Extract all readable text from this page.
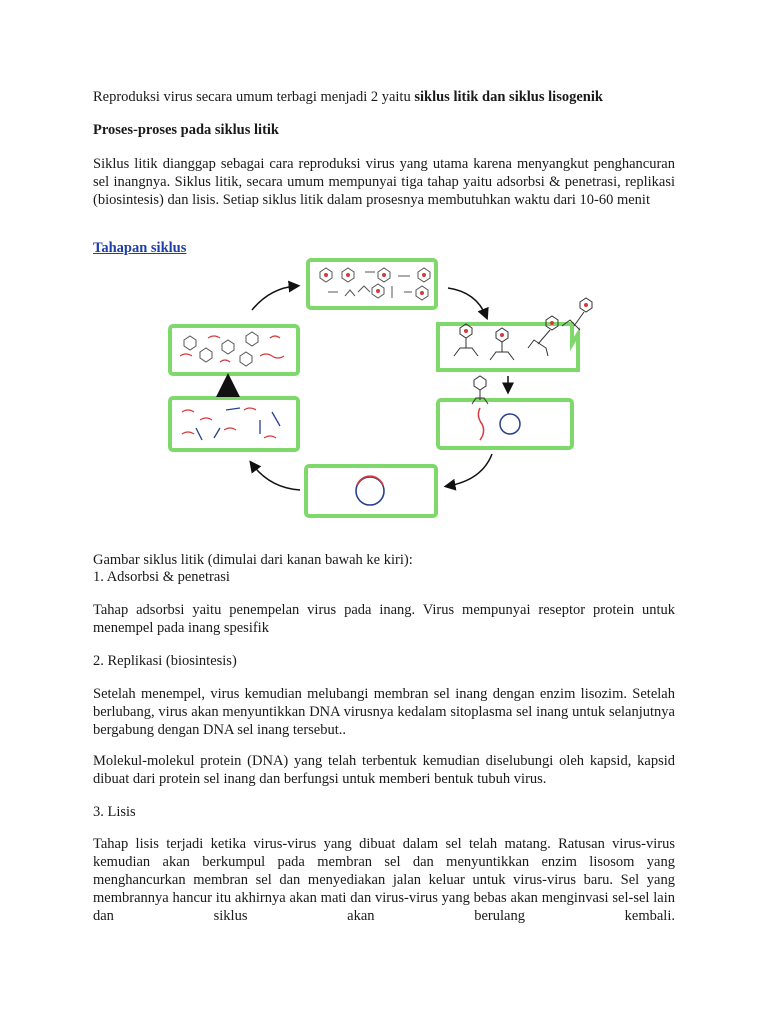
Reproduksi virus secara umum terbagi menjadi 2 yaitu siklus litik dan siklus lisogenik

Proses-proses pada siklus litik

Siklus litik dianggap sebagai cara reproduksi virus yang utama karena menyangkut penghancuran sel inangnya. Siklus litik, secara umum mempunyai tiga tahap yaitu adsorbsi & penetrasi, replikasi (biosintesis) dan lisis. Setiap siklus litik dalam prosesnya membutuhkan waktu dari 10-60 menit

Tahapan siklus

Gambar siklus litik (dimulai dari kanan bawah ke kiri):

1. Adsorbsi & penetrasi

Tahap adsorbsi yaitu penempelan virus pada inang. Virus mempunyai reseptor protein untuk menempel pada inang spesifik

2. Replikasi (biosintesis)

Setelah menempel, virus kemudian melubangi membran sel inang dengan enzim lisozim. Setelah berlubang, virus akan menyuntikkan DNA virusnya kedalam sitoplasma sel inang untuk selanjutnya bergabung dengan DNA sel inang tersebut..

Molekul-molekul protein (DNA) yang telah terbentuk kemudian diselubungi oleh kapsid, kapsid dibuat dari protein sel inang dan berfungsi untuk memberi bentuk tubuh virus.

3. Lisis

Tahap lisis terjadi ketika virus-virus yang dibuat dalam sel telah matang. Ratusan virus-virus kemudian akan berkumpul pada membran sel dan menyuntikkan enzim lisosom yang menghancurkan membran sel dan menyediakan jalan keluar untuk virus-virus baru. Sel yang membrannya hancur itu akhirnya akan mati dan virus-virus yang bebas akan menginvasi sel-sel lain dan siklus akan berulang kembali.
